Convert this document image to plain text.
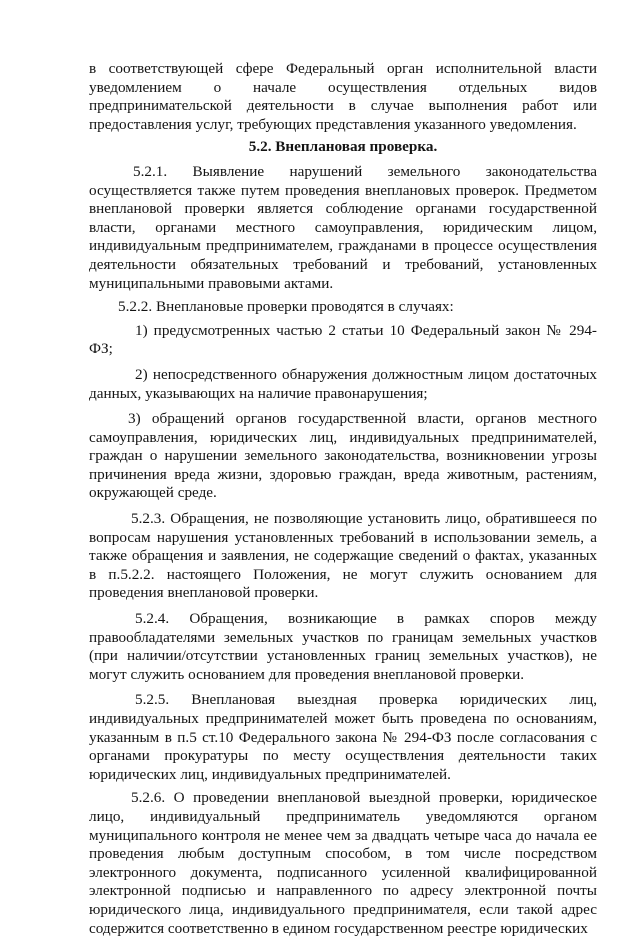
в соответствующей сфере Федеральный орган исполнительной власти уведомлением о начале осуществления отдельных видов предпринимательской деятельности в случае выполнения работ или предоставления услуг, требующих представления указанного уведомления.

5.2. Внеплановая проверка.

5.2.1. Выявление нарушений земельного законодательства осуществляется также путем проведения внеплановых проверок. Предметом внеплановой проверки является соблюдение органами государственной власти, органами местного самоуправления, юридическим лицом, индивидуальным предпринимателем, гражданами в процессе осуществления деятельности обязательных требований и требований, установленных муниципальными правовыми актами.

5.2.2. Внеплановые проверки проводятся в случаях:

1) предусмотренных частью 2 статьи 10 Федеральный закон № 294-ФЗ;

2) непосредственного обнаружения должностным лицом достаточных данных, указывающих на наличие правонарушения;

3) обращений органов государственной власти, органов местного самоуправления, юридических лиц, индивидуальных предпринимателей, граждан о нарушении земельного законодательства, возникновении угрозы причинения вреда жизни, здоровью граждан, вреда животным, растениям, окружающей среде.

5.2.3. Обращения, не позволяющие установить лицо, обратившееся по вопросам нарушения установленных требований в использовании земель, а также обращения и заявления, не содержащие сведений о фактах, указанных в п.5.2.2. настоящего Положения, не могут служить основанием для проведения внеплановой проверки.

5.2.4. Обращения, возникающие в рамках споров между правообладателями земельных участков по границам земельных участков (при наличии/отсутствии установленных границ земельных участков), не могут служить основанием для проведения внеплановой проверки.

5.2.5. Внеплановая выездная проверка юридических лиц, индивидуальных предпринимателей может быть проведена по основаниям, указанным в п.5 ст.10 Федерального закона № 294-ФЗ после согласования с органами прокуратуры по месту осуществления деятельности таких юридических лиц, индивидуальных предпринимателей.

5.2.6. О проведении внеплановой выездной проверки, юридическое лицо, индивидуальный предприниматель уведомляются органом муниципального контроля не менее чем за двадцать четыре часа до начала ее проведения любым доступным способом, в том числе посредством электронного документа, подписанного усиленной квалифицированной электронной подписью и направленного по адресу электронной почты юридического лица, индивидуального предпринимателя, если такой адрес содержится соответственно в едином государственном реестре юридических
